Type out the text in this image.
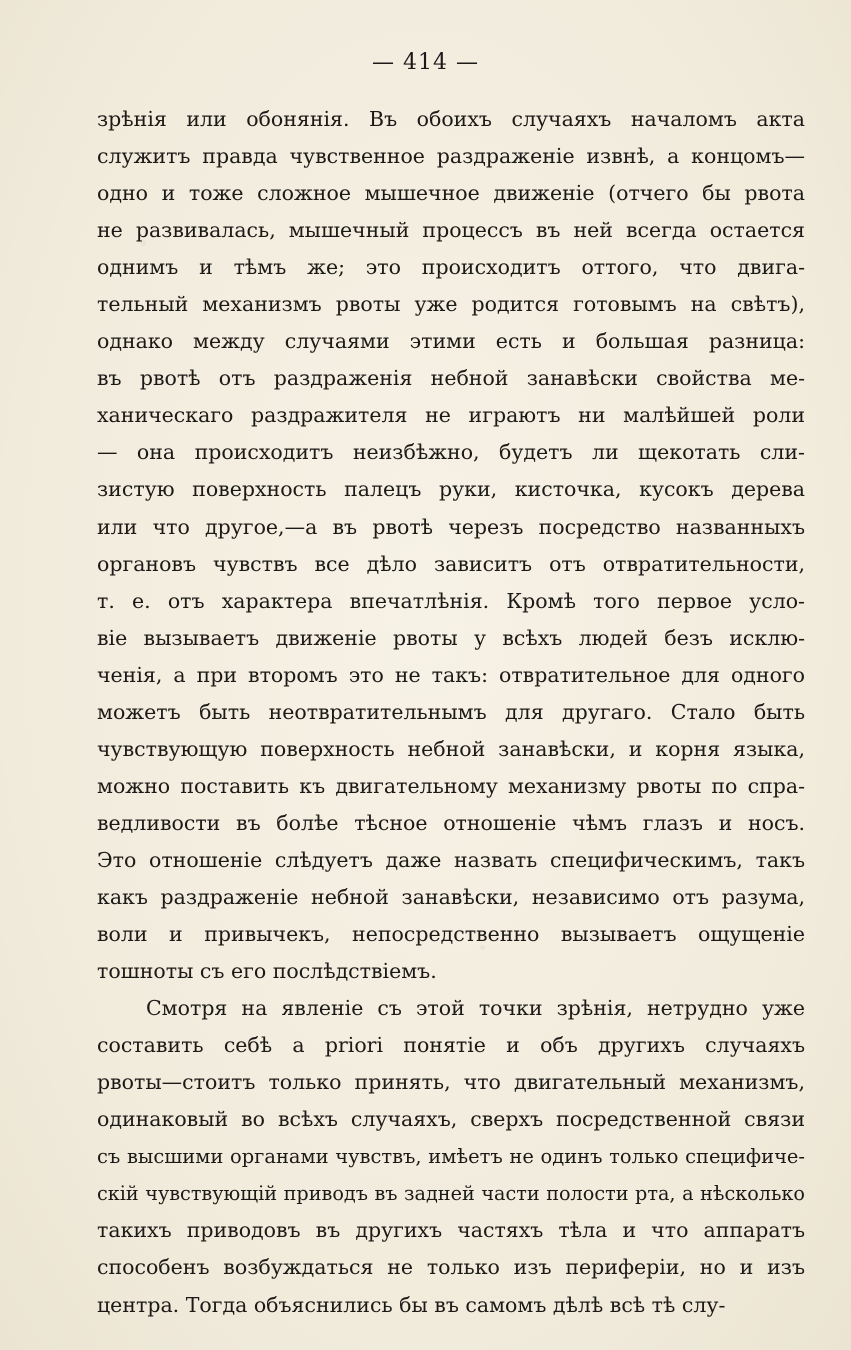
— 414 —
зрѣнія или обонянія. Въ обоихъ случаяхъ началомъ акта
служитъ правда чувственное раздраженіе извнѣ, а концомъ—
одно и тоже сложное мышечное движеніе (отчего бы рвота
не развивалась, мышечный процессъ въ ней всегда остается
однимъ и тѣмъ же; это происходитъ оттого, что двига-
тельный механизмъ рвоты уже родится готовымъ на свѣтъ),
однако между случаями этими есть и большая разница:
въ рвотѣ отъ раздраженія небной занавѣски свойства ме-
ханическаго раздражителя не играютъ ни малѣйшей роли
— она происходитъ неизбѣжно, будетъ ли щекотать сли-
зистую поверхность палецъ руки, кисточка, кусокъ дерева
или что другое,—а въ рвотѣ черезъ посредство названныхъ
органовъ чувствъ все дѣло зависитъ отъ отвратительности,
т. е. отъ характера впечатлѣнія. Кромѣ того первое усло-
віе вызываетъ движеніе рвоты у всѣхъ людей безъ исклю-
ченія, а при второмъ это не такъ: отвратительное для одного
можетъ быть неотвратительнымъ для другаго. Стало быть
чувствующую поверхность небной занавѣски, и корня языка,
можно поставить къ двигательному механизму рвоты по спра-
ведливости въ болѣе тѣсное отношеніе чѣмъ глазъ и носъ.
Это отношеніе слѣдуетъ даже назвать специфическимъ, такъ
какъ раздраженіе небной занавѣски, независимо отъ разума,
воли и привычекъ, непосредственно вызываетъ ощущеніе
тошноты съ его послѣдствіемъ.
Смотря на явленіе съ этой точки зрѣнія, нетрудно уже
составить себѣ a priori понятіе и объ другихъ случаяхъ
рвоты—стоитъ только принять, что двигательный механизмъ,
одинаковый во всѣхъ случаяхъ, сверхъ посредственной связи
съ высшими органами чувствъ, имѣетъ не одинъ только специфиче-
скій чувствующій приводъ въ задней части полости рта, а нѣсколько
такихъ приводовъ въ другихъ частяхъ тѣла и что аппаратъ
способенъ возбуждаться не только изъ периферіи, но и изъ
центра. Тогда объяснились бы въ самомъ дѣлѣ всѣ тѣ слу-
